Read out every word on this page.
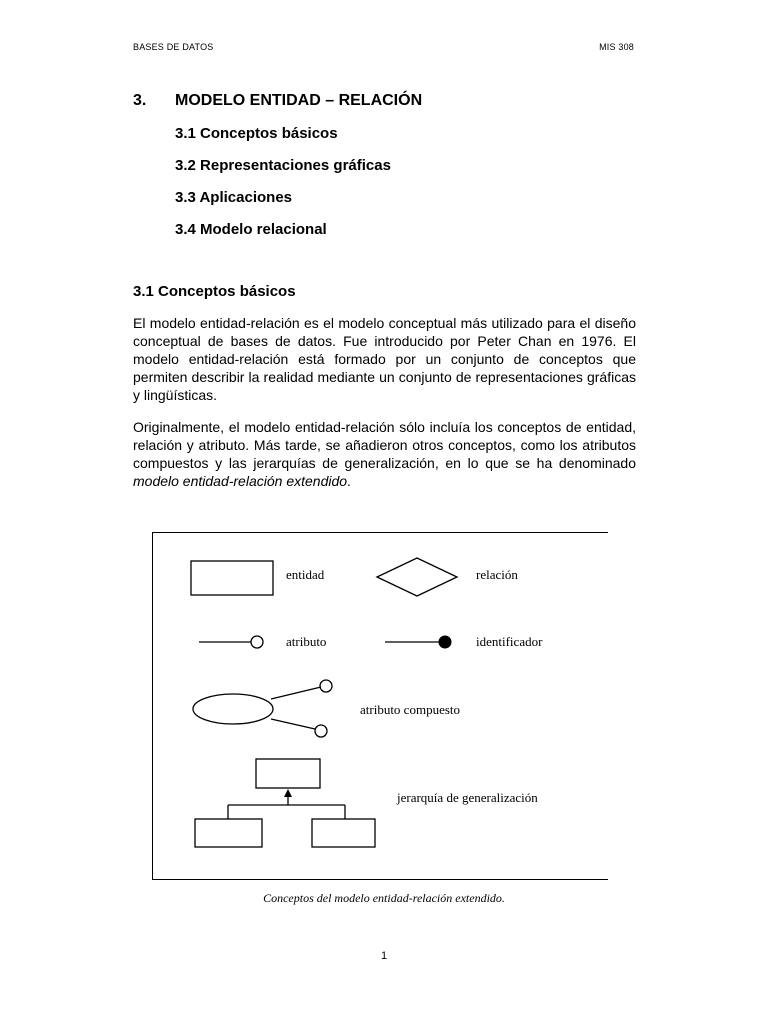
BASES DE DATOS	MIS 308
3. MODELO ENTIDAD – RELACIÓN
3.1 Conceptos básicos
3.2 Representaciones gráficas
3.3 Aplicaciones
3.4 Modelo relacional
3.1 Conceptos básicos

El modelo entidad-relación es el modelo conceptual más utilizado para el diseño conceptual de bases de datos. Fue introducido por Peter Chan en 1976. El modelo entidad-relación está formado por un conjunto de conceptos que permiten describir la realidad mediante un conjunto de representaciones gráficas y lingüísticas.

Originalmente, el modelo entidad-relación sólo incluía los conceptos de entidad, relación y atributo. Más tarde, se añadieron otros conceptos, como los atributos compuestos y las jerarquías de generalización, en lo que se ha denominado modelo entidad-relación extendido.

entidad	relación
atributo	identificador
atributo compuesto
jerarquía de generalización
Conceptos del modelo entidad-relación extendido.
1
